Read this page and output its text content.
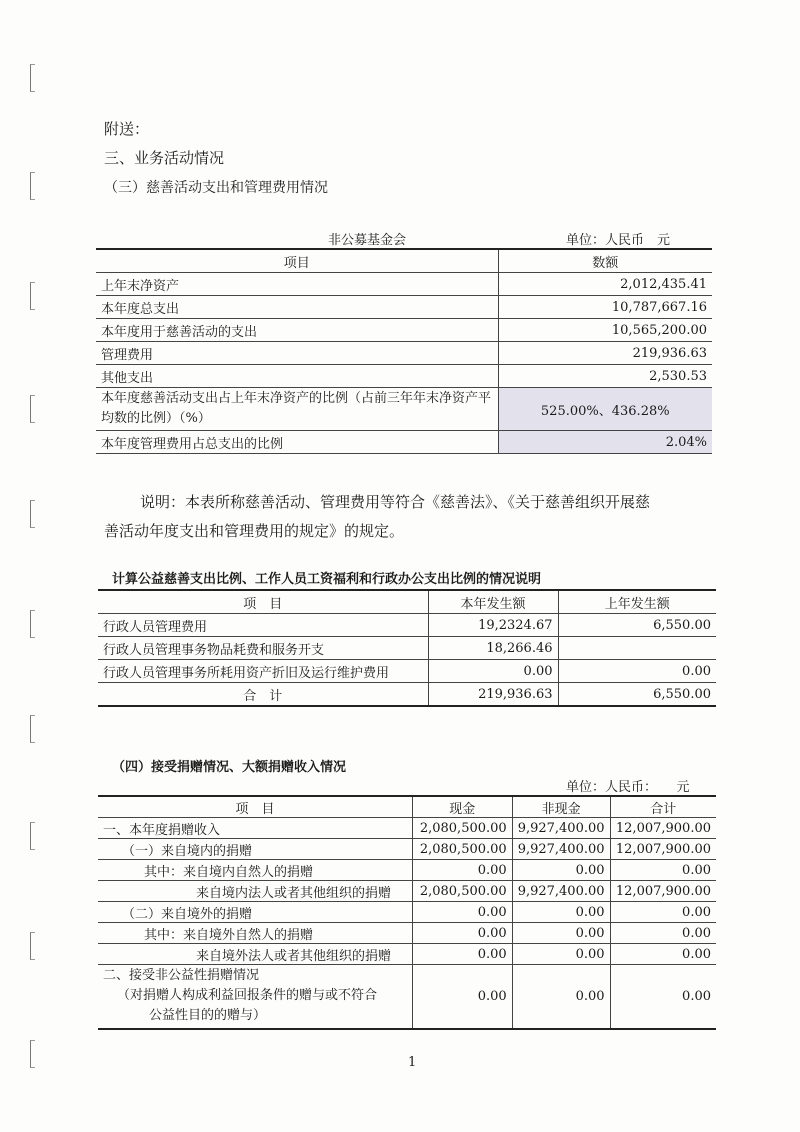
附送：
三、业务活动情况
（三）慈善活动支出和管理费用情况
非公募基金会	单位：人民币　元
项目	数额
上年末净资产	2,012,435.41
本年度总支出	10,787,667.16
本年度用于慈善活动的支出	10,565,200.00
管理费用	219,936.63
其他支出	2,530.53
本年度慈善活动支出占上年末净资产的比例（占前三年年末净资产平均数的比例）（%）	525.00%、436.28%
本年度管理费用占总支出的比例	2.04%
说明：本表所称慈善活动、管理费用等符合《慈善法》、《关于慈善组织开展慈
善活动年度支出和管理费用的规定》的规定。
计算公益慈善支出比例、工作人员工资福利和行政办公支出比例的情况说明
项　目	本年发生额	上年发生额
行政人员管理费用	19,2324.67	6,550.00
行政人员管理事务物品耗费和服务开支	18,266.46	
行政人员管理事务所耗用资产折旧及运行维护费用	0.00	0.00
合　计	219,936.63	6,550.00
（四）接受捐赠情况、大额捐赠收入情况
单位：人民币：　　元
项　目	现金	非现金	合计
一、本年度捐赠收入	2,080,500.00	9,927,400.00	12,007,900.00
（一）来自境内的捐赠	2,080,500.00	9,927,400.00	12,007,900.00
其中：来自境内自然人的捐赠	0.00	0.00	0.00
来自境内法人或者其他组织的捐赠	2,080,500.00	9,927,400.00	12,007,900.00
（二）来自境外的捐赠	0.00	0.00	0.00
其中：来自境外自然人的捐赠	0.00	0.00	0.00
来自境外法人或者其他组织的捐赠	0.00	0.00	0.00

二、接受非公益性捐赠情况
（对捐赠人构成利益回报条件的赠与或不符合
公益性目的的赠与）	0.00	0.00	0.00
1
